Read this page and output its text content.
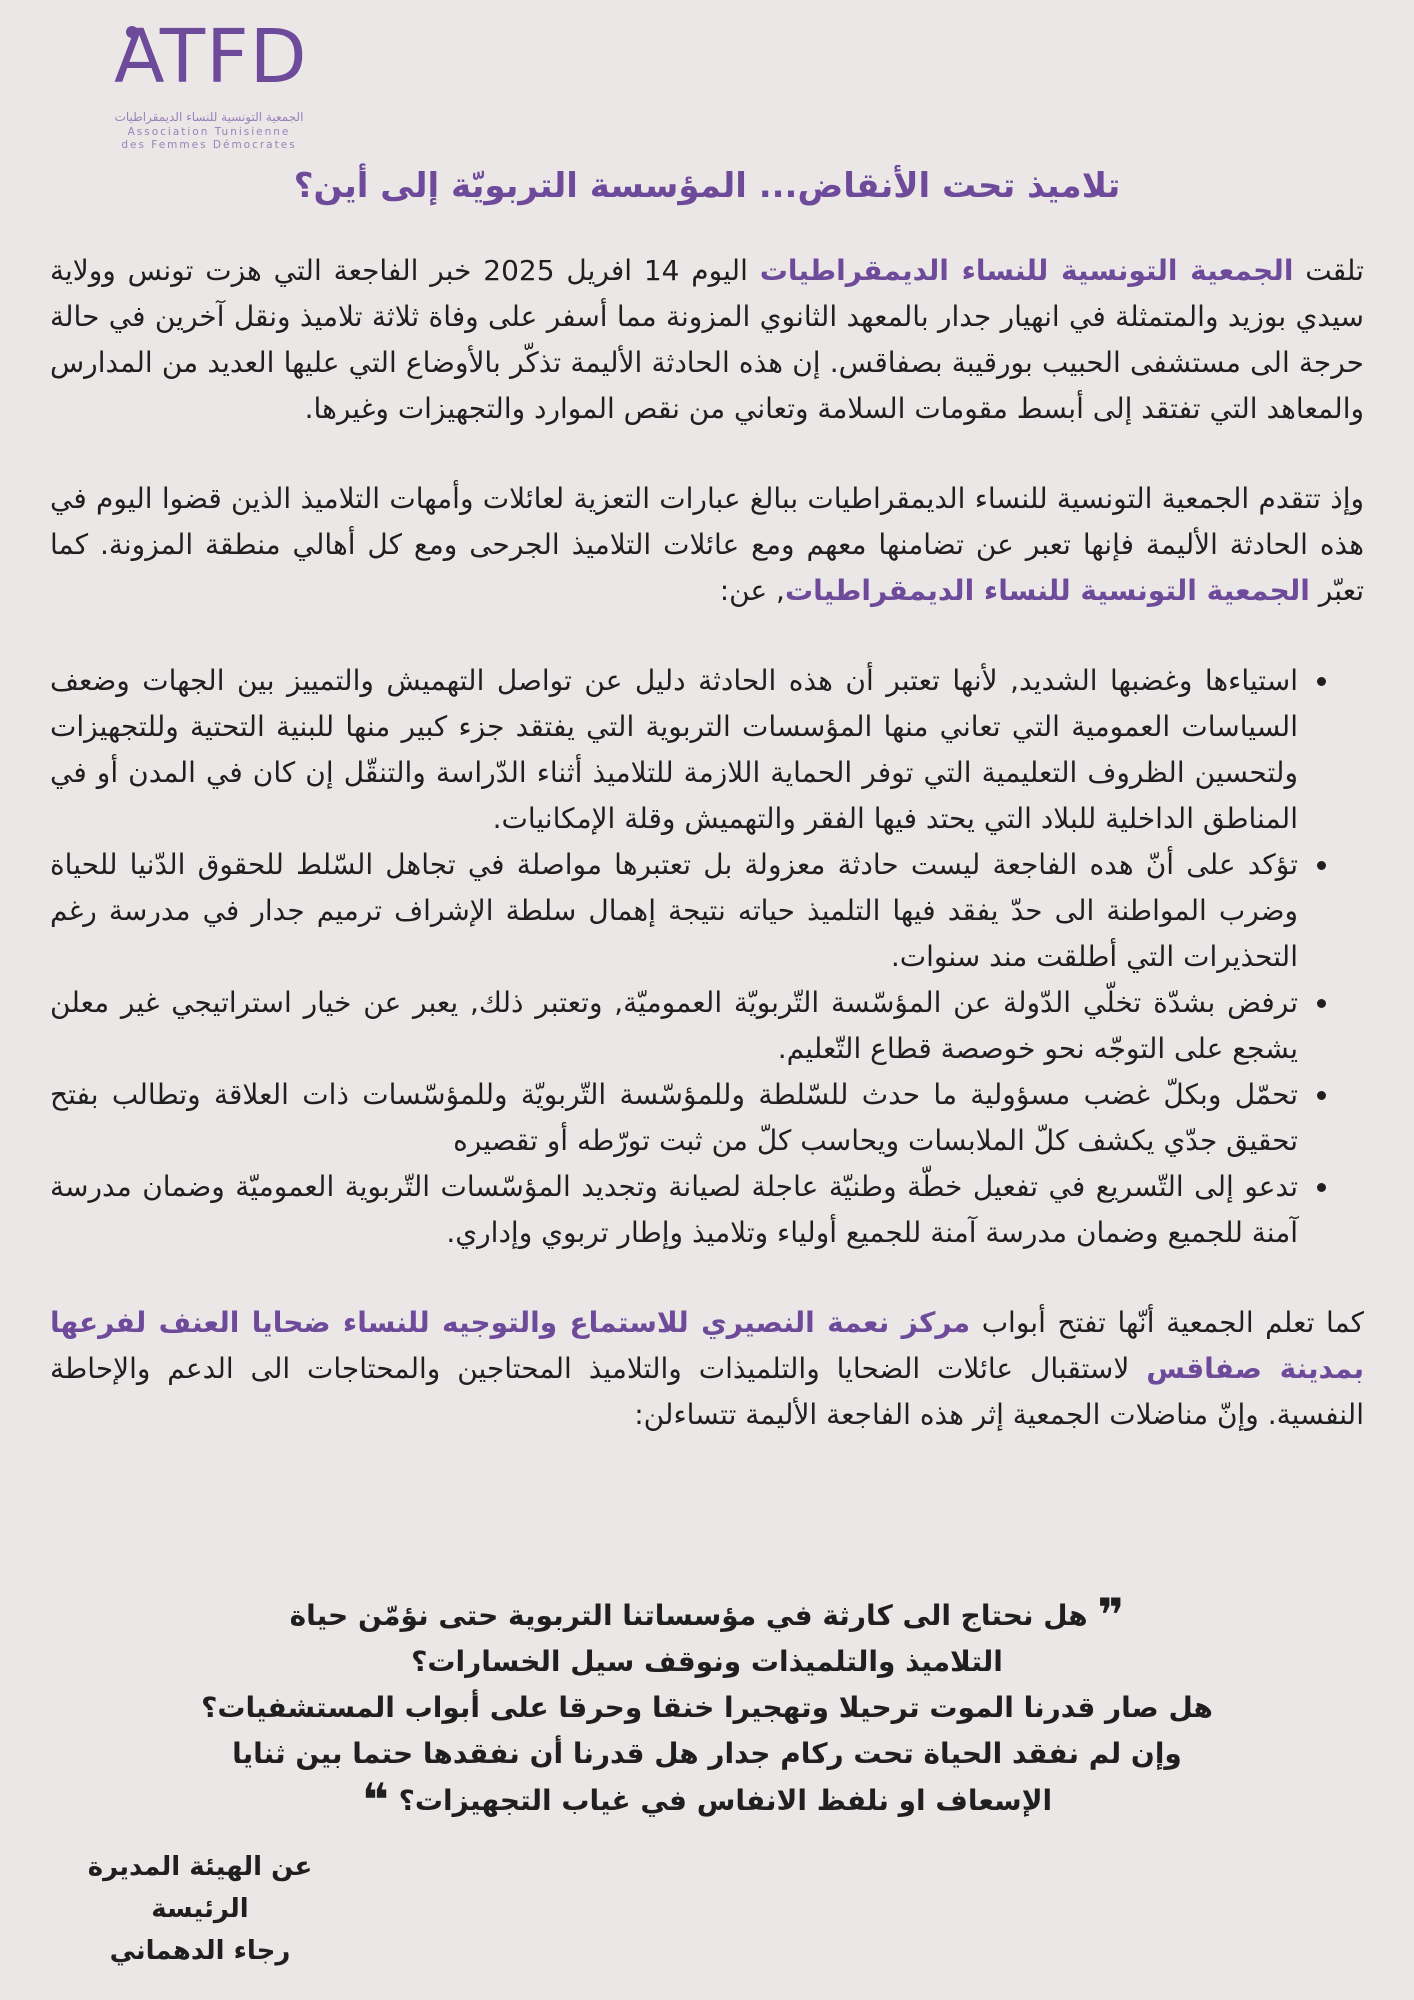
ATFD
الجمعية التونسية للنساء الديمقراطيات
Association Tunisienne
des Femmes Démocrates
تلاميذ تحت الأنقاض... المؤسسة التربويّة إلى أين؟

تلقت الجمعية التونسية للنساء الديمقراطيات اليوم 14 افريل 2025 خبر الفاجعة التي هزت تونس وولاية سيدي بوزيد والمتمثلة في انهيار جدار بالمعهد الثانوي المزونة مما أسفر على وفاة ثلاثة تلاميذ ونقل آخرين في حالة حرجة الى مستشفى الحبيب بورقيبة بصفاقس. إن هذه الحادثة الأليمة تذكّر بالأوضاع التي عليها العديد من المدارس والمعاهد التي تفتقد إلى أبسط مقومات السلامة وتعاني من نقص الموارد والتجهيزات وغيرها.

وإذ تتقدم الجمعية التونسية للنساء الديمقراطيات ببالغ عبارات التعزية لعائلات وأمهات التلاميذ الذين قضوا اليوم في هذه الحادثة الأليمة فإنها تعبر عن تضامنها معهم ومع عائلات التلاميذ الجرحى ومع كل أهالي منطقة المزونة. كما تعبّر الجمعية التونسية للنساء الديمقراطيات, عن:

• استياءها وغضبها الشديد, لأنها تعتبر أن هذه الحادثة دليل عن تواصل التهميش والتمييز بين الجهات وضعف السياسات العمومية التي تعاني منها المؤسسات التربوية التي يفتقد جزء كبير منها للبنية التحتية وللتجهيزات ولتحسين الظروف التعليمية التي توفر الحماية اللازمة للتلاميذ أثناء الدّراسة والتنقّل إن كان في المدن أو في المناطق الداخلية للبلاد التي يحتد فيها الفقر والتهميش وقلة الإمكانيات.
• تؤكد على أنّ هده الفاجعة ليست حادثة معزولة بل تعتبرها مواصلة في تجاهل السّلط للحقوق الدّنيا للحياة وضرب المواطنة الى حدّ يفقد فيها التلميذ حياته نتيجة إهمال سلطة الإشراف ترميم جدار في مدرسة رغم التحذيرات التي أطلقت مند سنوات.
• ترفض بشدّة تخلّي الدّولة عن المؤسّسة التّربويّة العموميّة, وتعتبر ذلك, يعبر عن خيار استراتيجي غير معلن يشجع على التوجّه نحو خوصصة قطاع التّعليم.
• تحمّل وبكلّ غضب مسؤولية ما حدث للسّلطة وللمؤسّسة التّربويّة وللمؤسّسات ذات العلاقة وتطالب بفتح تحقيق جدّي يكشف كلّ الملابسات ويحاسب كلّ من ثبت تورّطه أو تقصيره
• تدعو إلى التّسريع في تفعيل خطّة وطنيّة عاجلة لصيانة وتجديد المؤسّسات التّربوية العموميّة وضمان مدرسة آمنة للجميع وضمان مدرسة آمنة للجميع أولياء وتلاميذ وإطار تربوي وإداري.

كما تعلم الجمعية أنّها تفتح أبواب مركز نعمة النصيري للاستماع والتوجيه للنساء ضحايا العنف لفرعها بمدينة صفاقس لاستقبال عائلات الضحايا والتلميذات والتلاميذ المحتاجين والمحتاجات الى الدعم والإحاطة النفسية. وإنّ مناضلات الجمعية إثر هذه الفاجعة الأليمة تتساءلن:

❞ هل نحتاج الى كارثة في مؤسساتنا التربوية حتى نؤمّن حياة

التلاميذ والتلميذات ونوقف سيل الخسارات؟

هل صار قدرنا الموت ترحيلا وتهجيرا خنقا وحرقا على أبواب المستشفيات؟

وإن لم نفقد الحياة تحت ركام جدار هل قدرنا أن نفقدها حتما بين ثنايا

الإسعاف او نلفظ الانفاس في غياب التجهيزات؟ ❝

عن الهيئة المديرة
الرئيسة
رجاء الدهماني
